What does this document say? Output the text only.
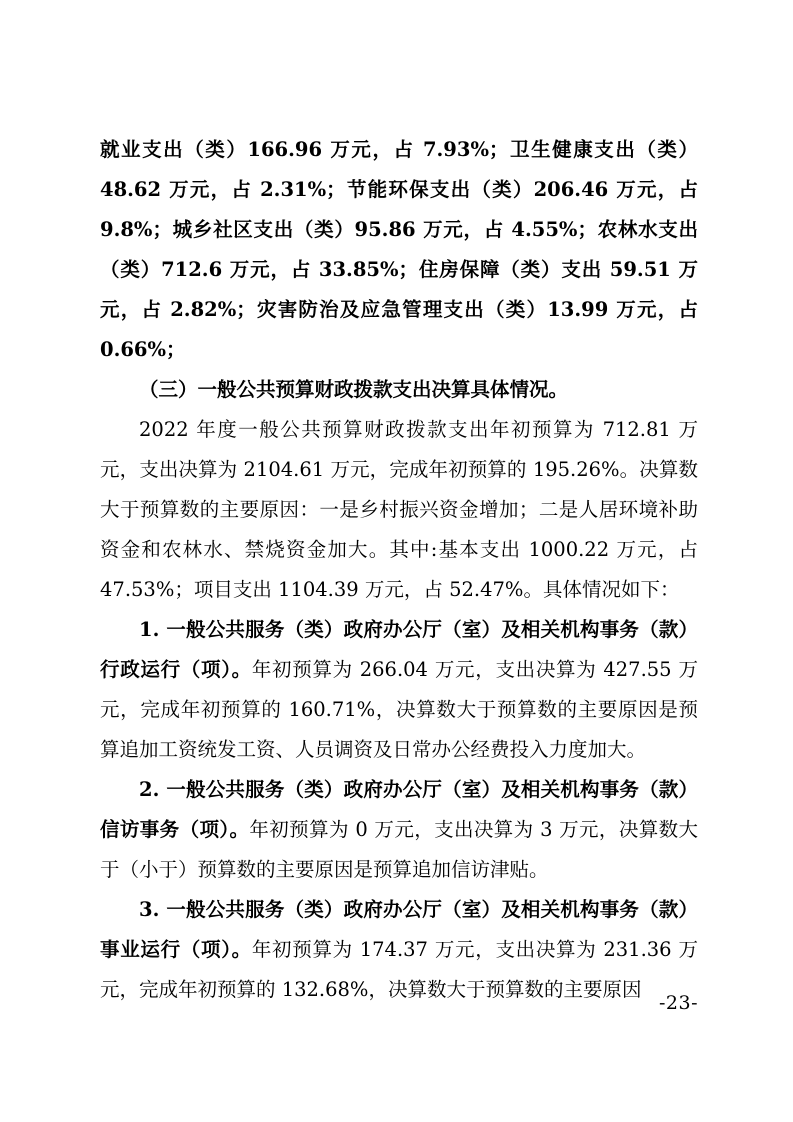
就业支出（类）166.96 万元，占 7.93%；卫生健康支出（类）48.62 万元，占 2.31%；节能环保支出（类）206.46 万元，占 9.8%；城乡社区支出（类）95.86 万元，占 4.55%；农林水支出（类）712.6 万元，占 33.85%；住房保障（类）支出 59.51 万元，占 2.82%；灾害防治及应急管理支出（类）13.99 万元，占 0.66%；

（三）一般公共预算财政拨款支出决算具体情况。

2022 年度一般公共预算财政拨款支出年初预算为 712.81 万元，支出决算为 2104.61 万元，完成年初预算的 195.26%。决算数大于预算数的主要原因：一是乡村振兴资金增加；二是人居环境补助资金和农林水、禁烧资金加大。其中:基本支出 1000.22 万元，占 47.53%；项目支出 1104.39 万元，占 52.47%。具体情况如下：

1. 一般公共服务（类）政府办公厅（室）及相关机构事务（款）行政运行（项）。年初预算为 266.04 万元，支出决算为 427.55 万元，完成年初预算的 160.71%，决算数大于预算数的主要原因是预算追加工资统发工资、人员调资及日常办公经费投入力度加大。

2. 一般公共服务（类）政府办公厅（室）及相关机构事务（款）信访事务（项）。年初预算为 0 万元，支出决算为 3 万元，决算数大于（小于）预算数的主要原因是预算追加信访津贴。

3. 一般公共服务（类）政府办公厅（室）及相关机构事务（款）事业运行（项）。年初预算为 174.37 万元，支出决算为 231.36 万元，完成年初预算的 132.68%，决算数大于预算数的主要原因

-23-
